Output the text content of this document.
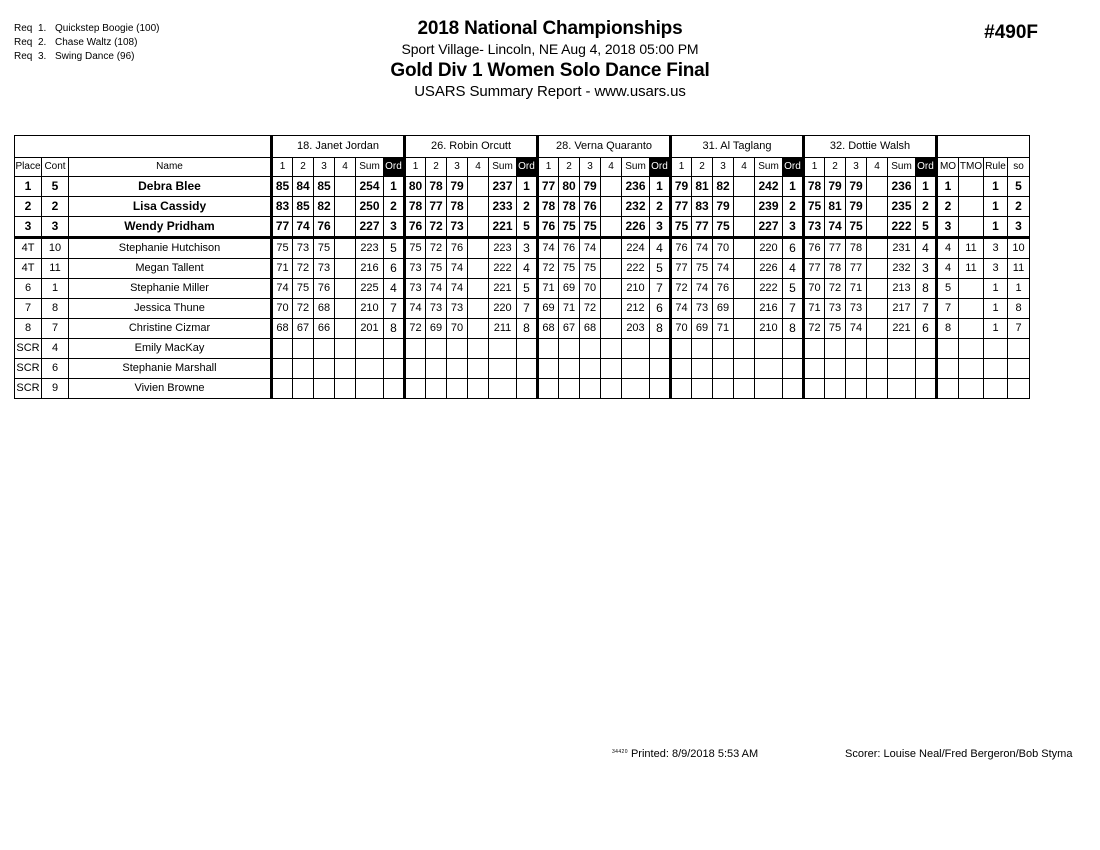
Req 1. Quickstep Boogie (100)
Req 2. Chase Waltz (108)
Req 3. Swing Dance (96)
2018 National Championships
Sport Village- Lincoln, NE Aug 4, 2018 05:00 PM
Gold Div 1 Women Solo Dance Final
USARS Summary Report - www.usars.us
#490F
			18. Janet Jordan						26. Robin Orcutt						28. Verna Quaranto						31. Al Taglang						32. Dottie Walsh									
Place	Cont	Name	1	2	3	4	Sum	Ord	1	2	3	4	Sum	Ord	1	2	3	4	Sum	Ord	1	2	3	4	Sum	Ord	1	2	3	4	Sum	Ord	MO	TMO	Rule	so
1	5	Debra Blee	85	84	85		254	1	80	78	79		237	1	77	80	79		236	1	79	81	82		242	1	78	79	79		236	1	1		1	5
2	2	Lisa Cassidy	83	85	82		250	2	78	77	78		233	2	78	78	76		232	2	77	83	79		239	2	75	81	79		235	2	2		1	2
3	3	Wendy Pridham	77	74	76		227	3	76	72	73		221	5	76	75	75		226	3	75	77	75		227	3	73	74	75		222	5	3		1	3
4T	10	Stephanie Hutchison	75	73	75		223	5	75	72	76		223	3	74	76	74		224	4	76	74	70		220	6	76	77	78		231	4	4	11	3	10
4T	11	Megan Tallent	71	72	73		216	6	73	75	74		222	4	72	75	75		222	5	77	75	74		226	4	77	78	77		232	3	4	11	3	11
6	1	Stephanie Miller	74	75	76		225	4	73	74	74		221	5	71	69	70		210	7	72	74	76		222	5	70	72	71		213	8	5		1	1
7	8	Jessica Thune	70	72	68		210	7	74	73	73		220	7	69	71	72		212	6	74	73	69		216	7	71	73	73		217	7	7		1	8
8	7	Christine Cizmar	68	67	66		201	8	72	69	70		211	8	68	67	68		203	8	70	69	71		210	8	72	75	74		221	6	8		1	7
SCR	4	Emily MacKay																																		
SCR	6	Stephanie Marshall																																		
SCR	9	Vivien Browne																																		
$^{34420}$ Printed: 8/9/2018 5:53 AM	Scorer: Louise Neal/Fred Bergeron/Bob Styma
